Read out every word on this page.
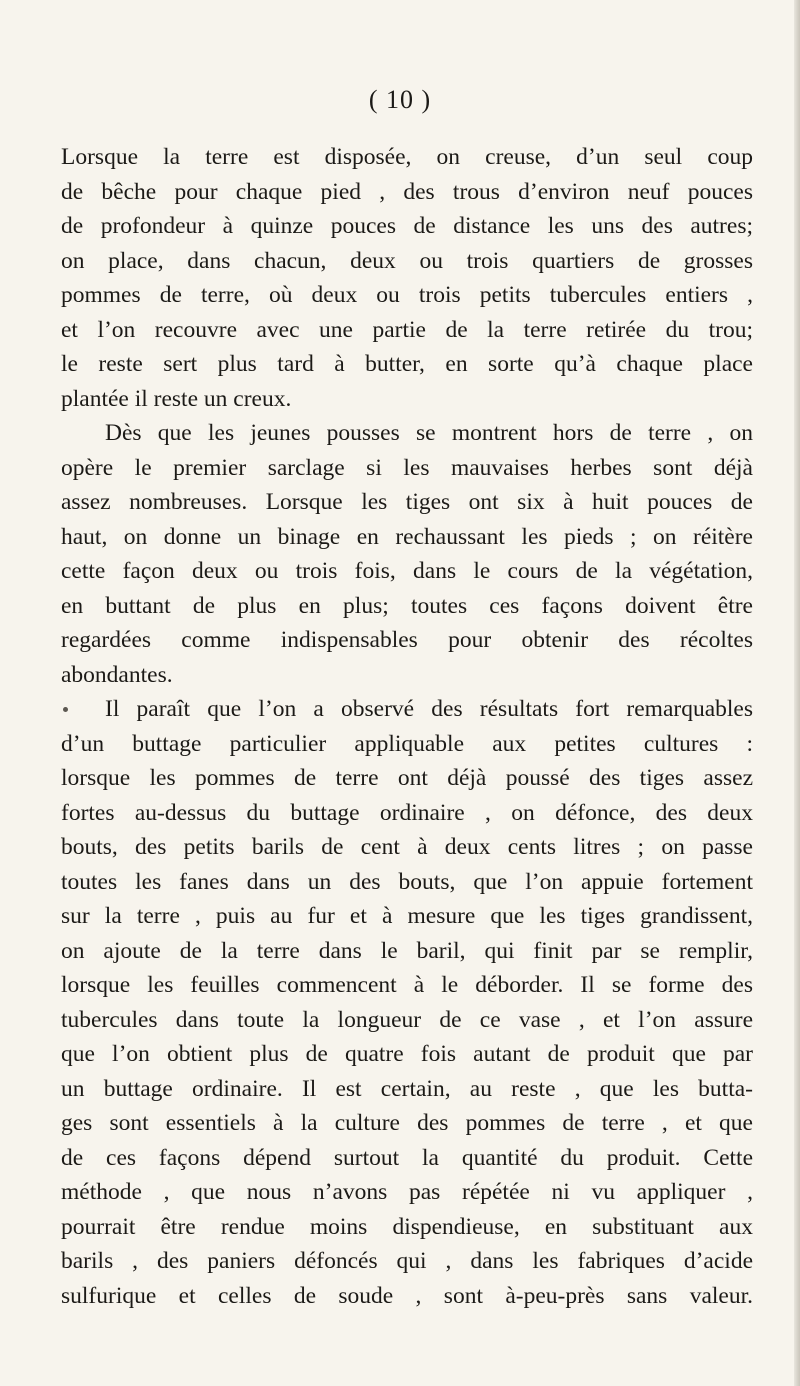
( 10 )
Lorsque la terre est disposée, on creuse, d’un seul coup
de bêche pour chaque pied , des trous d’environ neuf pouces
de profondeur à quinze pouces de distance les uns des autres;
on place, dans chacun, deux ou trois quartiers de grosses
pommes de terre, où deux ou trois petits tubercules entiers ,
et l’on recouvre avec une partie de la terre retirée du trou;
le reste sert plus tard à butter, en sorte qu’à chaque place
plantée il reste un creux.
Dès que les jeunes pousses se montrent hors de terre , on
opère le premier sarclage si les mauvaises herbes sont déjà
assez nombreuses. Lorsque les tiges ont six à huit pouces de
haut, on donne un binage en rechaussant les pieds ; on réitère
cette façon deux ou trois fois, dans le cours de la végétation,
en buttant de plus en plus; toutes ces façons doivent être
regardées comme indispensables pour obtenir des récoltes
abondantes.
Il paraît que l’on a observé des résultats fort remarquables
d’un buttage particulier appliquable aux petites cultures :
lorsque les pommes de terre ont déjà poussé des tiges assez
fortes au-dessus du buttage ordinaire , on défonce, des deux
bouts, des petits barils de cent à deux cents litres ; on passe
toutes les fanes dans un des bouts, que l’on appuie fortement
sur la terre , puis au fur et à mesure que les tiges grandissent,
on ajoute de la terre dans le baril, qui finit par se remplir,
lorsque les feuilles commencent à le déborder. Il se forme des
tubercules dans toute la longueur de ce vase , et l’on assure
que l’on obtient plus de quatre fois autant de produit que par
un buttage ordinaire. Il est certain, au reste , que les butta-
ges sont essentiels à la culture des pommes de terre , et que
de ces façons dépend surtout la quantité du produit. Cette
méthode , que nous n’avons pas répétée ni vu appliquer ,
pourrait être rendue moins dispendieuse, en substituant aux
barils , des paniers défoncés qui , dans les fabriques d’acide
sulfurique et celles de soude , sont à-peu-près sans valeur.
